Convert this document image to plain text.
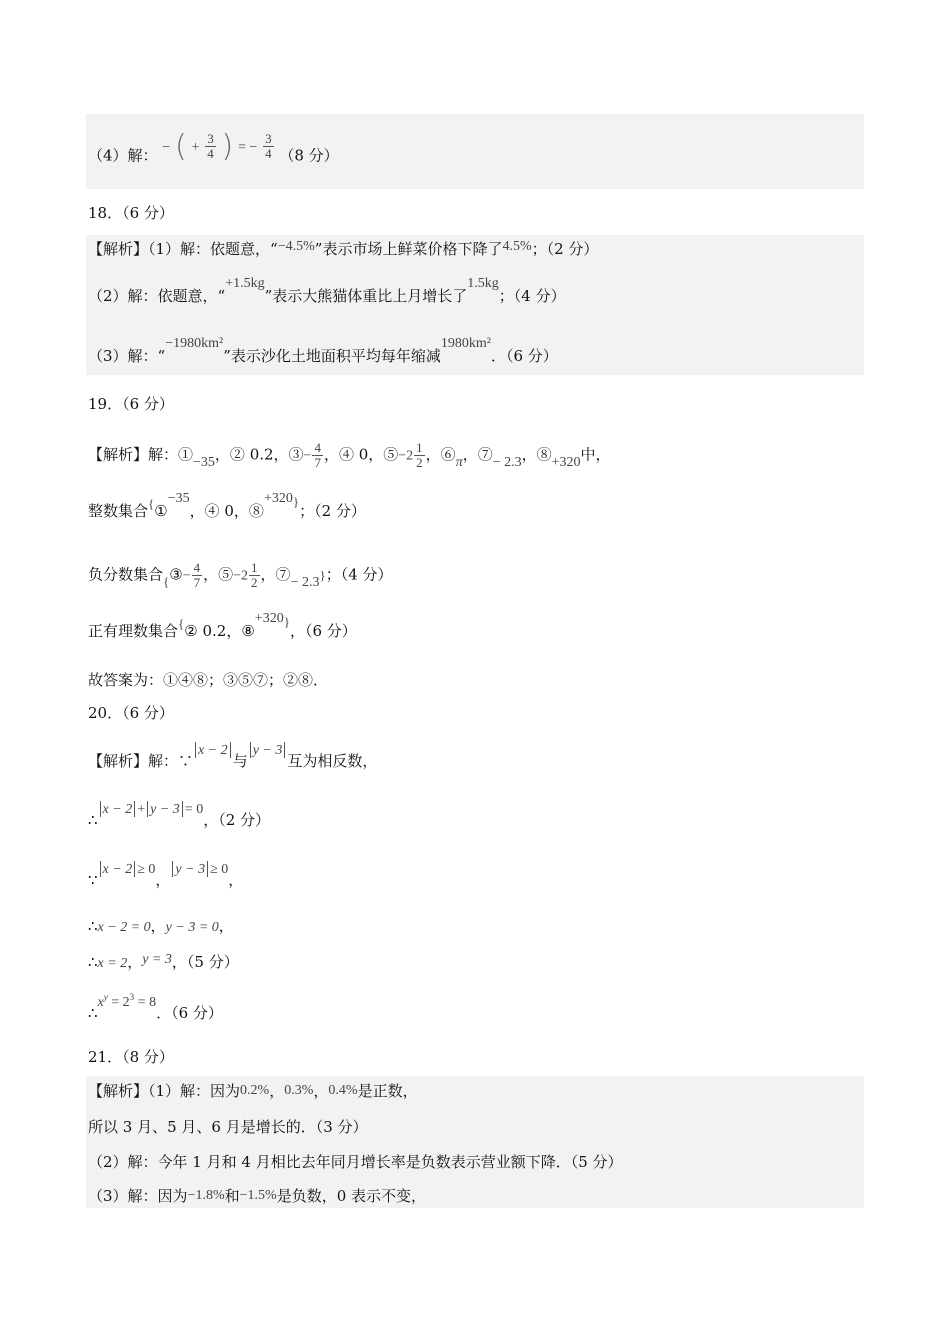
（4）解： − ( + $\frac{3}{4}$ ) = − $\frac{3}{4} (8$ 分）
18．（6 分）
【解析】（1）解：依题意，“−4.5%”表示市场上鲜菜价格下降了4.5%；（2 分）
（2）解：依题意，“+1.5kg”表示大熊猫体重比上月增长了1.5kg；（4 分）
（3）解：“−1980km²”表示沙化土地面积平均每年缩减1980km²．（6 分）
19．（6 分）
【解析】解：①−35，② 0.2，③− $\frac{4}{7}$ ，④ 0，⑤−2 $\frac{1}{2}$ ，⑥π，⑦− 2.3，⑧+320中，
整数集合{①−35，④ 0，⑧+320}；（2 分）
负分数集合{③− $\frac{4}{7}$ ，⑤−2 $\frac{1}{2}$ ，⑦− 2.3}；（4 分）
正有理数集合{② 0.2，⑧+320}，（6 分）
故答案为：①④⑧；③⑤⑦；②⑧．
20．（6 分）
【解析】解：∵x − 2与y − 3互为相反数，
∴x − 2 + y − 3 = 0，（2 分）
∵x − 2 ≥ 0，y − 3 ≥ 0，
∴x − 2 = 0，y − 3 = 0，
∴x = 2，y = 3，（5 分）
$\therefore x^y = 2^3 = 8$．（6 分）
21．（8 分）
【解析】（1）解：因为0.2%，0.3%，0.4%是正数，
所以 3 月、5 月、6 月是增长的．（3 分）
（2）解：今年 1 月和 4 月相比去年同月增长率是负数表示营业额下降．（5 分）
（3）解：因为−1.8%和−1.5%是负数，0 表示不变，
